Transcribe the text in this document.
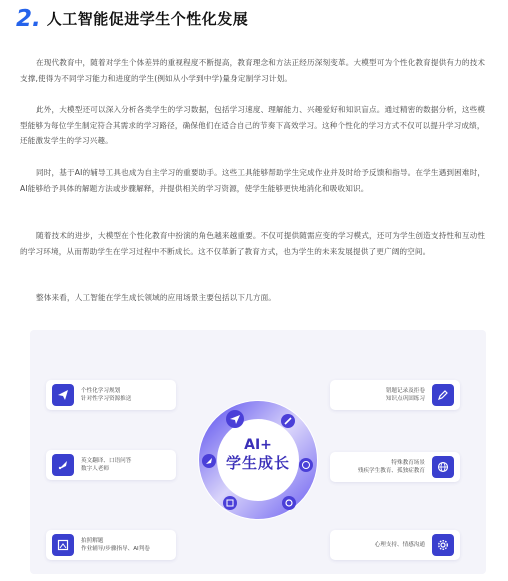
2. 人工智能促进学生个性化发展

在现代教育中，随着对学生个体差异的重视程度不断提高，教育理念和方法正经历深刻变革。大模型可为个性化教育提供有力的技术支撑,使得为不同学习能力和进度的学生(例如从小学到中学)量身定制学习计划。

此外，大模型还可以深入分析各类学生的学习数据，包括学习速度、理解能力、兴趣爱好和知识盲点。通过精密的数据分析，这些模型能够为每位学生制定符合其需求的学习路径，确保他们在适合自己的节奏下高效学习。这种个性化的学习方式不仅可以提升学习成绩，还能激发学生的学习兴趣。

同时，基于AI的辅导工具也成为自主学习的重要助手。这些工具能够帮助学生完成作业并及时给予反馈和指导。在学生遇到困难时，AI能够给予具体的解题方法或步骤解释，并提供相关的学习资源，使学生能够更快地消化和吸收知识。

随着技术的进步，大模型在个性化教育中扮演的角色越来越重要。不仅可提供随需应变的学习模式，还可为学生创造支持性和互动性的学习环境，从而帮助学生在学习过程中不断成长。这不仅革新了教育方式，也为学生的未来发展提供了更广阔的空间。

整体来看，人工智能在学生成长领域的应用场景主要包括以下几方面。

AI+
学生成长
个性化学习规划
针对性学习资源推送
英文翻译、口语问答
数字人老师
拍照解题
作业辅导/步骤指导、AI判卷
错题记录及拒卷
知识点巩固练习
特殊教育场景
残疾学生教育、孤独症教育
心理支持、情感沟通
